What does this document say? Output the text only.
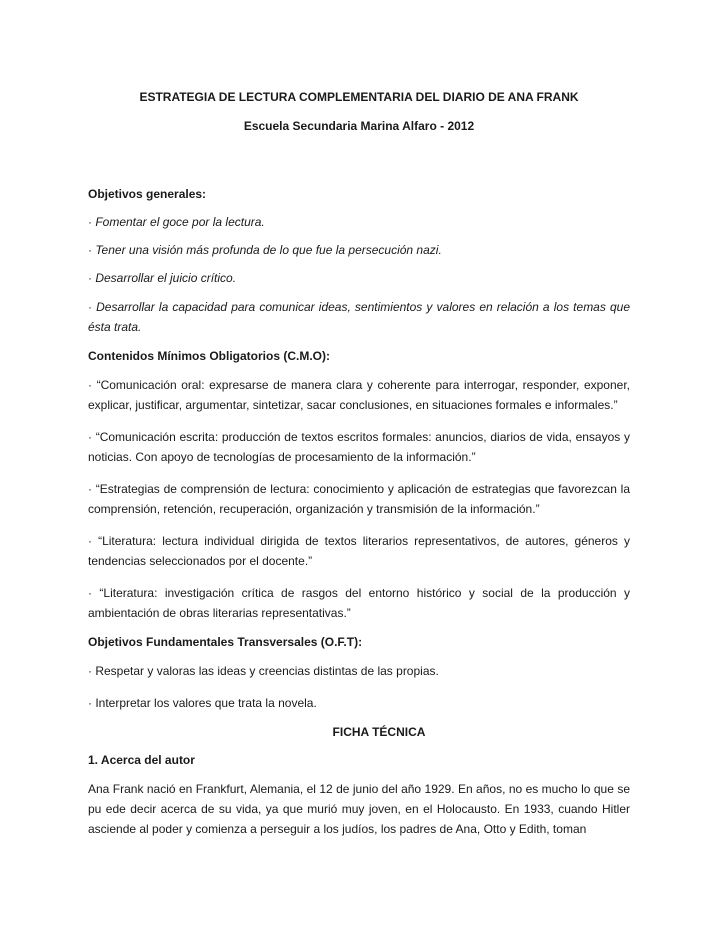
ESTRATEGIA DE LECTURA COMPLEMENTARIA DEL DIARIO DE ANA FRANK
Escuela Secundaria Marina Alfaro - 2012
Objetivos generales:
· Fomentar el goce por la lectura.
· Tener una visión más profunda de lo que fue la persecución nazi.
· Desarrollar el juicio crítico.
· Desarrollar la capacidad para comunicar ideas, sentimientos y valores en relación a los temas que ésta trata.
Contenidos Mínimos Obligatorios (C.M.O):
· “Comunicación oral: expresarse de manera clara y coherente para interrogar, responder, exponer, explicar, justificar, argumentar, sintetizar, sacar conclusiones, en situaciones formales e informales.”
· “Comunicación escrita: producción de textos escritos formales: anuncios, diarios de vida, ensayos y noticias. Con apoyo de tecnologías de procesamiento de la información.”
· “Estrategias de comprensión de lectura: conocimiento y aplicación de estrategias que favorezcan la comprensión, retención, recuperación, organización y transmisión de la información.”
· “Literatura: lectura individual dirigida de textos literarios representativos, de autores, géneros y tendencias seleccionados por el docente.”
· “Literatura: investigación crítica de rasgos del entorno histórico y social de la producción y ambientación de obras literarias representativas.”
Objetivos Fundamentales Transversales (O.F.T):
· Respetar y valoras las ideas y creencias distintas de las propias.
· Interpretar los valores que trata la novela.
FICHA TÉCNICA
1. Acerca del autor
Ana Frank nació en Frankfurt, Alemania, el 12 de junio del año 1929. En años, no es mucho lo que se pu ede decir acerca de su vida, ya que murió muy joven, en el Holocausto. En 1933, cuando Hitler asciende al poder y comienza a perseguir a los judíos, los padres de Ana, Otto y Edith, toman
